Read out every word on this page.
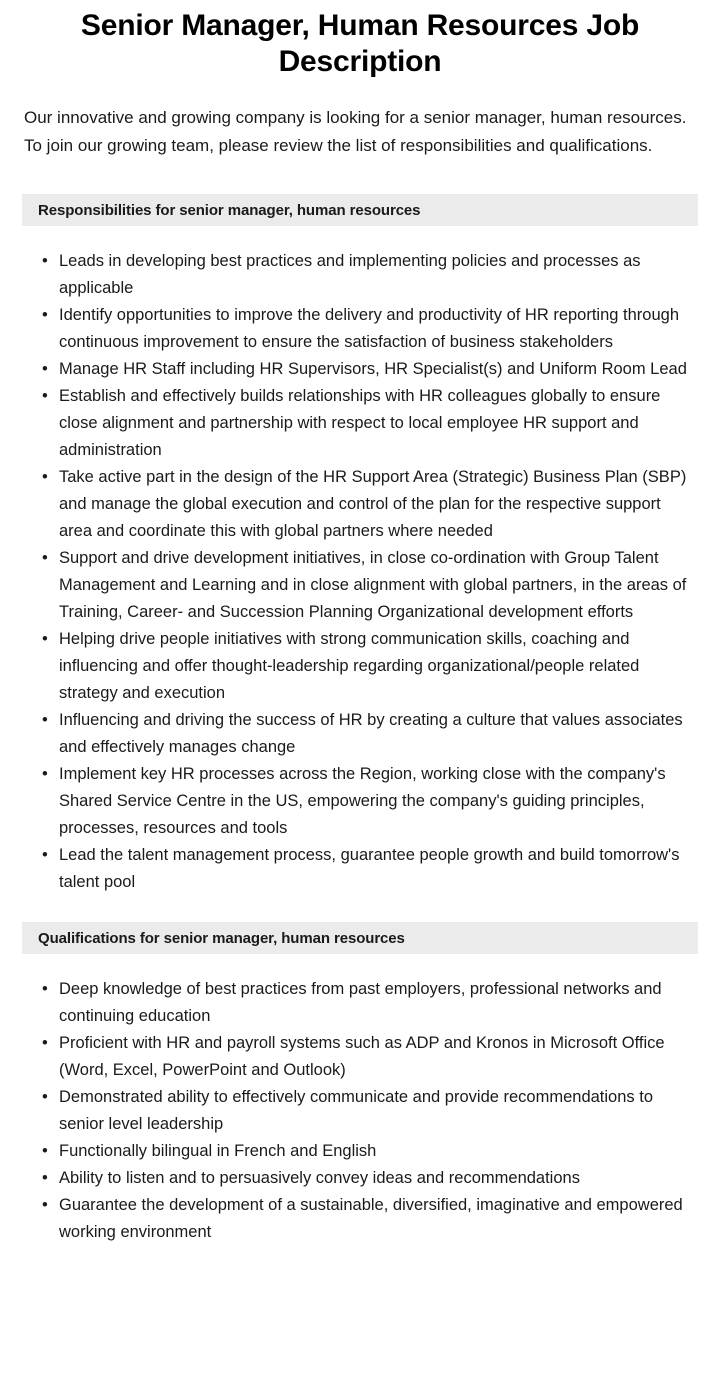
Senior Manager, Human Resources Job Description

Our innovative and growing company is looking for a senior manager, human resources. To join our growing team, please review the list of responsibilities and qualifications.

Responsibilities for senior manager, human resources
• Leads in developing best practices and implementing policies and processes as applicable
• Identify opportunities to improve the delivery and productivity of HR reporting through continuous improvement to ensure the satisfaction of business stakeholders
• Manage HR Staff including HR Supervisors, HR Specialist(s) and Uniform Room Lead
• Establish and effectively builds relationships with HR colleagues globally to ensure close alignment and partnership with respect to local employee HR support and administration
• Take active part in the design of the HR Support Area (Strategic) Business Plan (SBP) and manage the global execution and control of the plan for the respective support area and coordinate this with global partners where needed
• Support and drive development initiatives, in close co-ordination with Group Talent Management and Learning and in close alignment with global partners, in the areas of Training, Career- and Succession Planning Organizational development efforts
• Helping drive people initiatives with strong communication skills, coaching and influencing and offer thought-leadership regarding organizational/people related strategy and execution
• Influencing and driving the success of HR by creating a culture that values associates and effectively manages change
• Implement key HR processes across the Region, working close with the company's Shared Service Centre in the US, empowering the company's guiding principles, processes, resources and tools
• Lead the talent management process, guarantee people growth and build tomorrow's talent pool
Qualifications for senior manager, human resources
• Deep knowledge of best practices from past employers, professional networks and continuing education
• Proficient with HR and payroll systems such as ADP and Kronos in Microsoft Office (Word, Excel, PowerPoint and Outlook)
• Demonstrated ability to effectively communicate and provide recommendations to senior level leadership
• Functionally bilingual in French and English
• Ability to listen and to persuasively convey ideas and recommendations
• Guarantee the development of a sustainable, diversified, imaginative and empowered working environment
